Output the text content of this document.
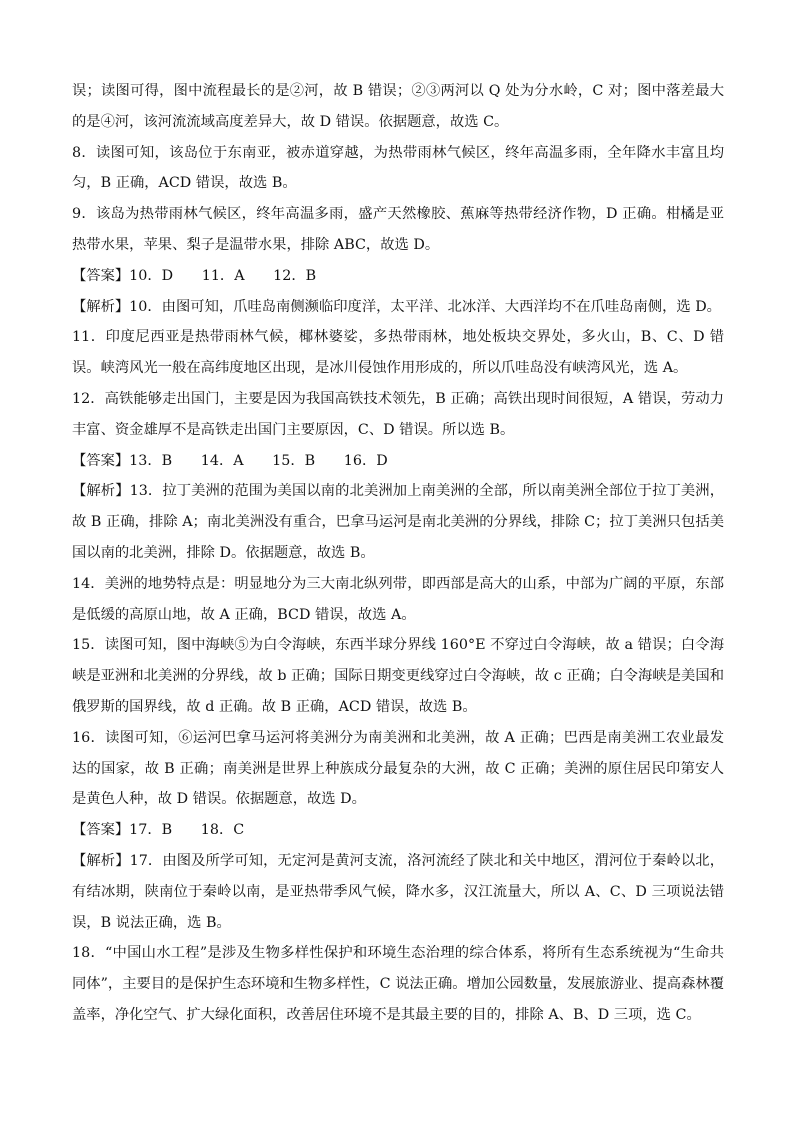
误；读图可得，图中流程最长的是②河，故 B 错误；②③两河以 Q 处为分水岭，C 对；图中落差最大的是④河，该河流流域高度差异大，故 D 错误。依据题意，故选 C。

8．读图可知，该岛位于东南亚，被赤道穿越，为热带雨林气候区，终年高温多雨，全年降水丰富且均匀，B 正确，ACD 错误，故选 B。

9．该岛为热带雨林气候区，终年高温多雨，盛产天然橡胶、蕉麻等热带经济作物，D 正确。柑橘是亚热带水果，苹果、梨子是温带水果，排除 ABC，故选 D。

【答案】10．D　　11．A　　12．B

【解析】10．由图可知，爪哇岛南侧濒临印度洋，太平洋、北冰洋、大西洋均不在爪哇岛南侧，选 D。

11．印度尼西亚是热带雨林气候，椰林婆娑，多热带雨林，地处板块交界处，多火山，B、C、D 错误。峡湾风光一般在高纬度地区出现，是冰川侵蚀作用形成的，所以爪哇岛没有峡湾风光，选 A。

12．高铁能够走出国门，主要是因为我国高铁技术领先，B 正确；高铁出现时间很短，A 错误，劳动力丰富、资金雄厚不是高铁走出国门主要原因，C、D 错误。所以选 B。

【答案】13．B　　14．A　　15．B　　16．D

【解析】13．拉丁美洲的范围为美国以南的北美洲加上南美洲的全部，所以南美洲全部位于拉丁美洲，故 B 正确，排除 A；南北美洲没有重合，巴拿马运河是南北美洲的分界线，排除 C；拉丁美洲只包括美国以南的北美洲，排除 D。依据题意，故选 B。

14．美洲的地势特点是：明显地分为三大南北纵列带，即西部是高大的山系，中部为广阔的平原，东部是低缓的高原山地，故 A 正确，BCD 错误，故选 A。

15．读图可知，图中海峡⑤为白令海峡，东西半球分界线 160°E 不穿过白令海峡，故 a 错误；白令海峡是亚洲和北美洲的分界线，故 b 正确；国际日期变更线穿过白令海峡，故 c 正确；白令海峡是美国和俄罗斯的国界线，故 d 正确。故 B 正确，ACD 错误，故选 B。

16．读图可知，⑥运河巴拿马运河将美洲分为南美洲和北美洲，故 A 正确；巴西是南美洲工农业最发达的国家，故 B 正确；南美洲是世界上种族成分最复杂的大洲，故 C 正确；美洲的原住居民印第安人是黄色人种，故 D 错误。依据题意，故选 D。

【答案】17．B　　18．C

【解析】17．由图及所学可知，无定河是黄河支流，洛河流经了陕北和关中地区，渭河位于秦岭以北，有结冰期，陕南位于秦岭以南，是亚热带季风气候，降水多，汉江流量大，所以 A、C、D 三项说法错误，B 说法正确，选 B。

18．“中国山水工程”是涉及生物多样性保护和环境生态治理的综合体系，将所有生态系统视为“生命共同体”，主要目的是保护生态环境和生物多样性，C 说法正确。增加公园数量，发展旅游业、提高森林覆盖率，净化空气、扩大绿化面积，改善居住环境不是其最主要的目的，排除 A、B、D 三项，选 C。
